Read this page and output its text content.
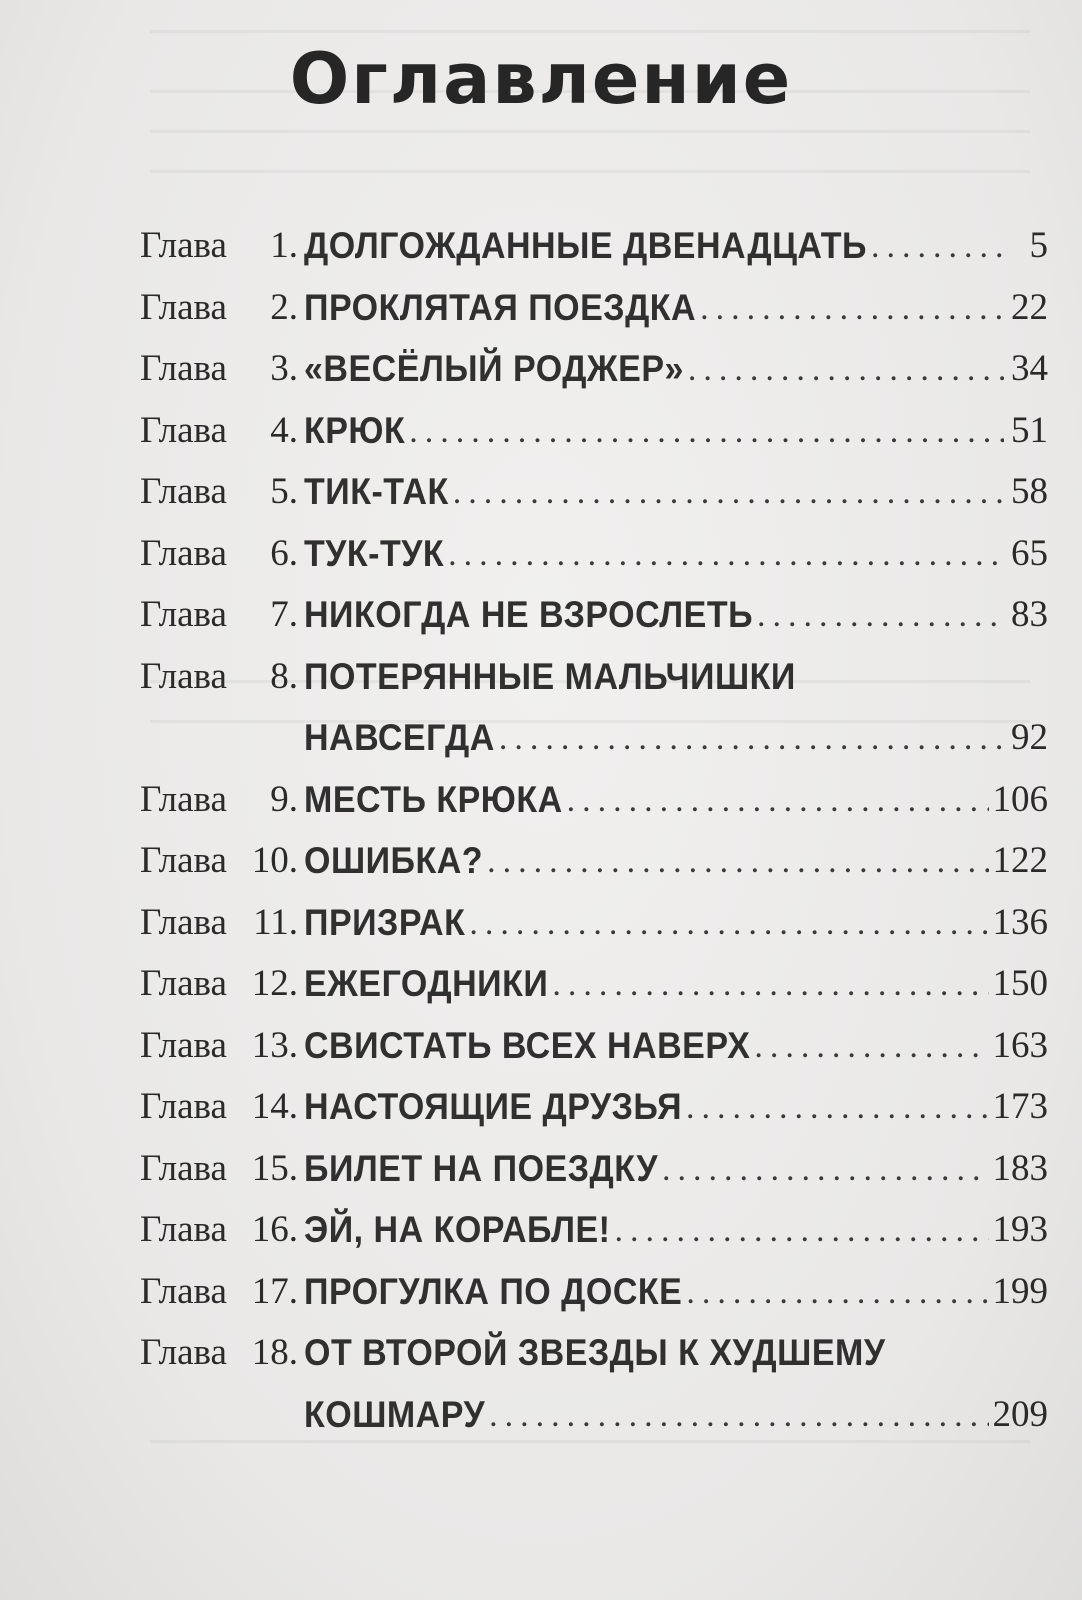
Оглавление
Глава	1. ДОЛГОЖДАННЫЕ ДВЕНАДЦАТЬ .....	5
Глава	2. ПРОКЛЯТАЯ ПОЕЗДКА .....	22
Глава	3. «ВЕСЁЛЫЙ РОДЖЕР» .....	34
Глава	4. КРЮК .....	51
Глава	5. ТИК-ТАК .....	58
Глава	6. ТУК-ТУК .....	65
Глава	7. НИКОГДА НЕ ВЗРОСЛЕТЬ .....	83
Глава	8. ПОТЕРЯННЫЕ МАЛЬЧИШКИ
НАВСЕГДА .....	92
Глава	9. МЕСТЬ КРЮКА .....	106
Глава 10. ОШИБКА? .....	122
Глава 11. ПРИЗРАК .....	136
Глава 12. ЕЖЕГОДНИКИ .....	150
Глава 13. СВИСТАТЬ ВСЕХ НАВЕРХ .....	163
Глава 14. НАСТОЯЩИЕ ДРУЗЬЯ .....	173
Глава 15. БИЛЕТ НА ПОЕЗДКУ .....	183
Глава 16. ЭЙ, НА КОРАБЛЕ! .....	193
Глава 17. ПРОГУЛКА ПО ДОСКЕ .....	199
Глава 18. ОТ ВТОРОЙ ЗВЕЗДЫ К ХУДШЕМУ
КОШМАРУ .....	209
